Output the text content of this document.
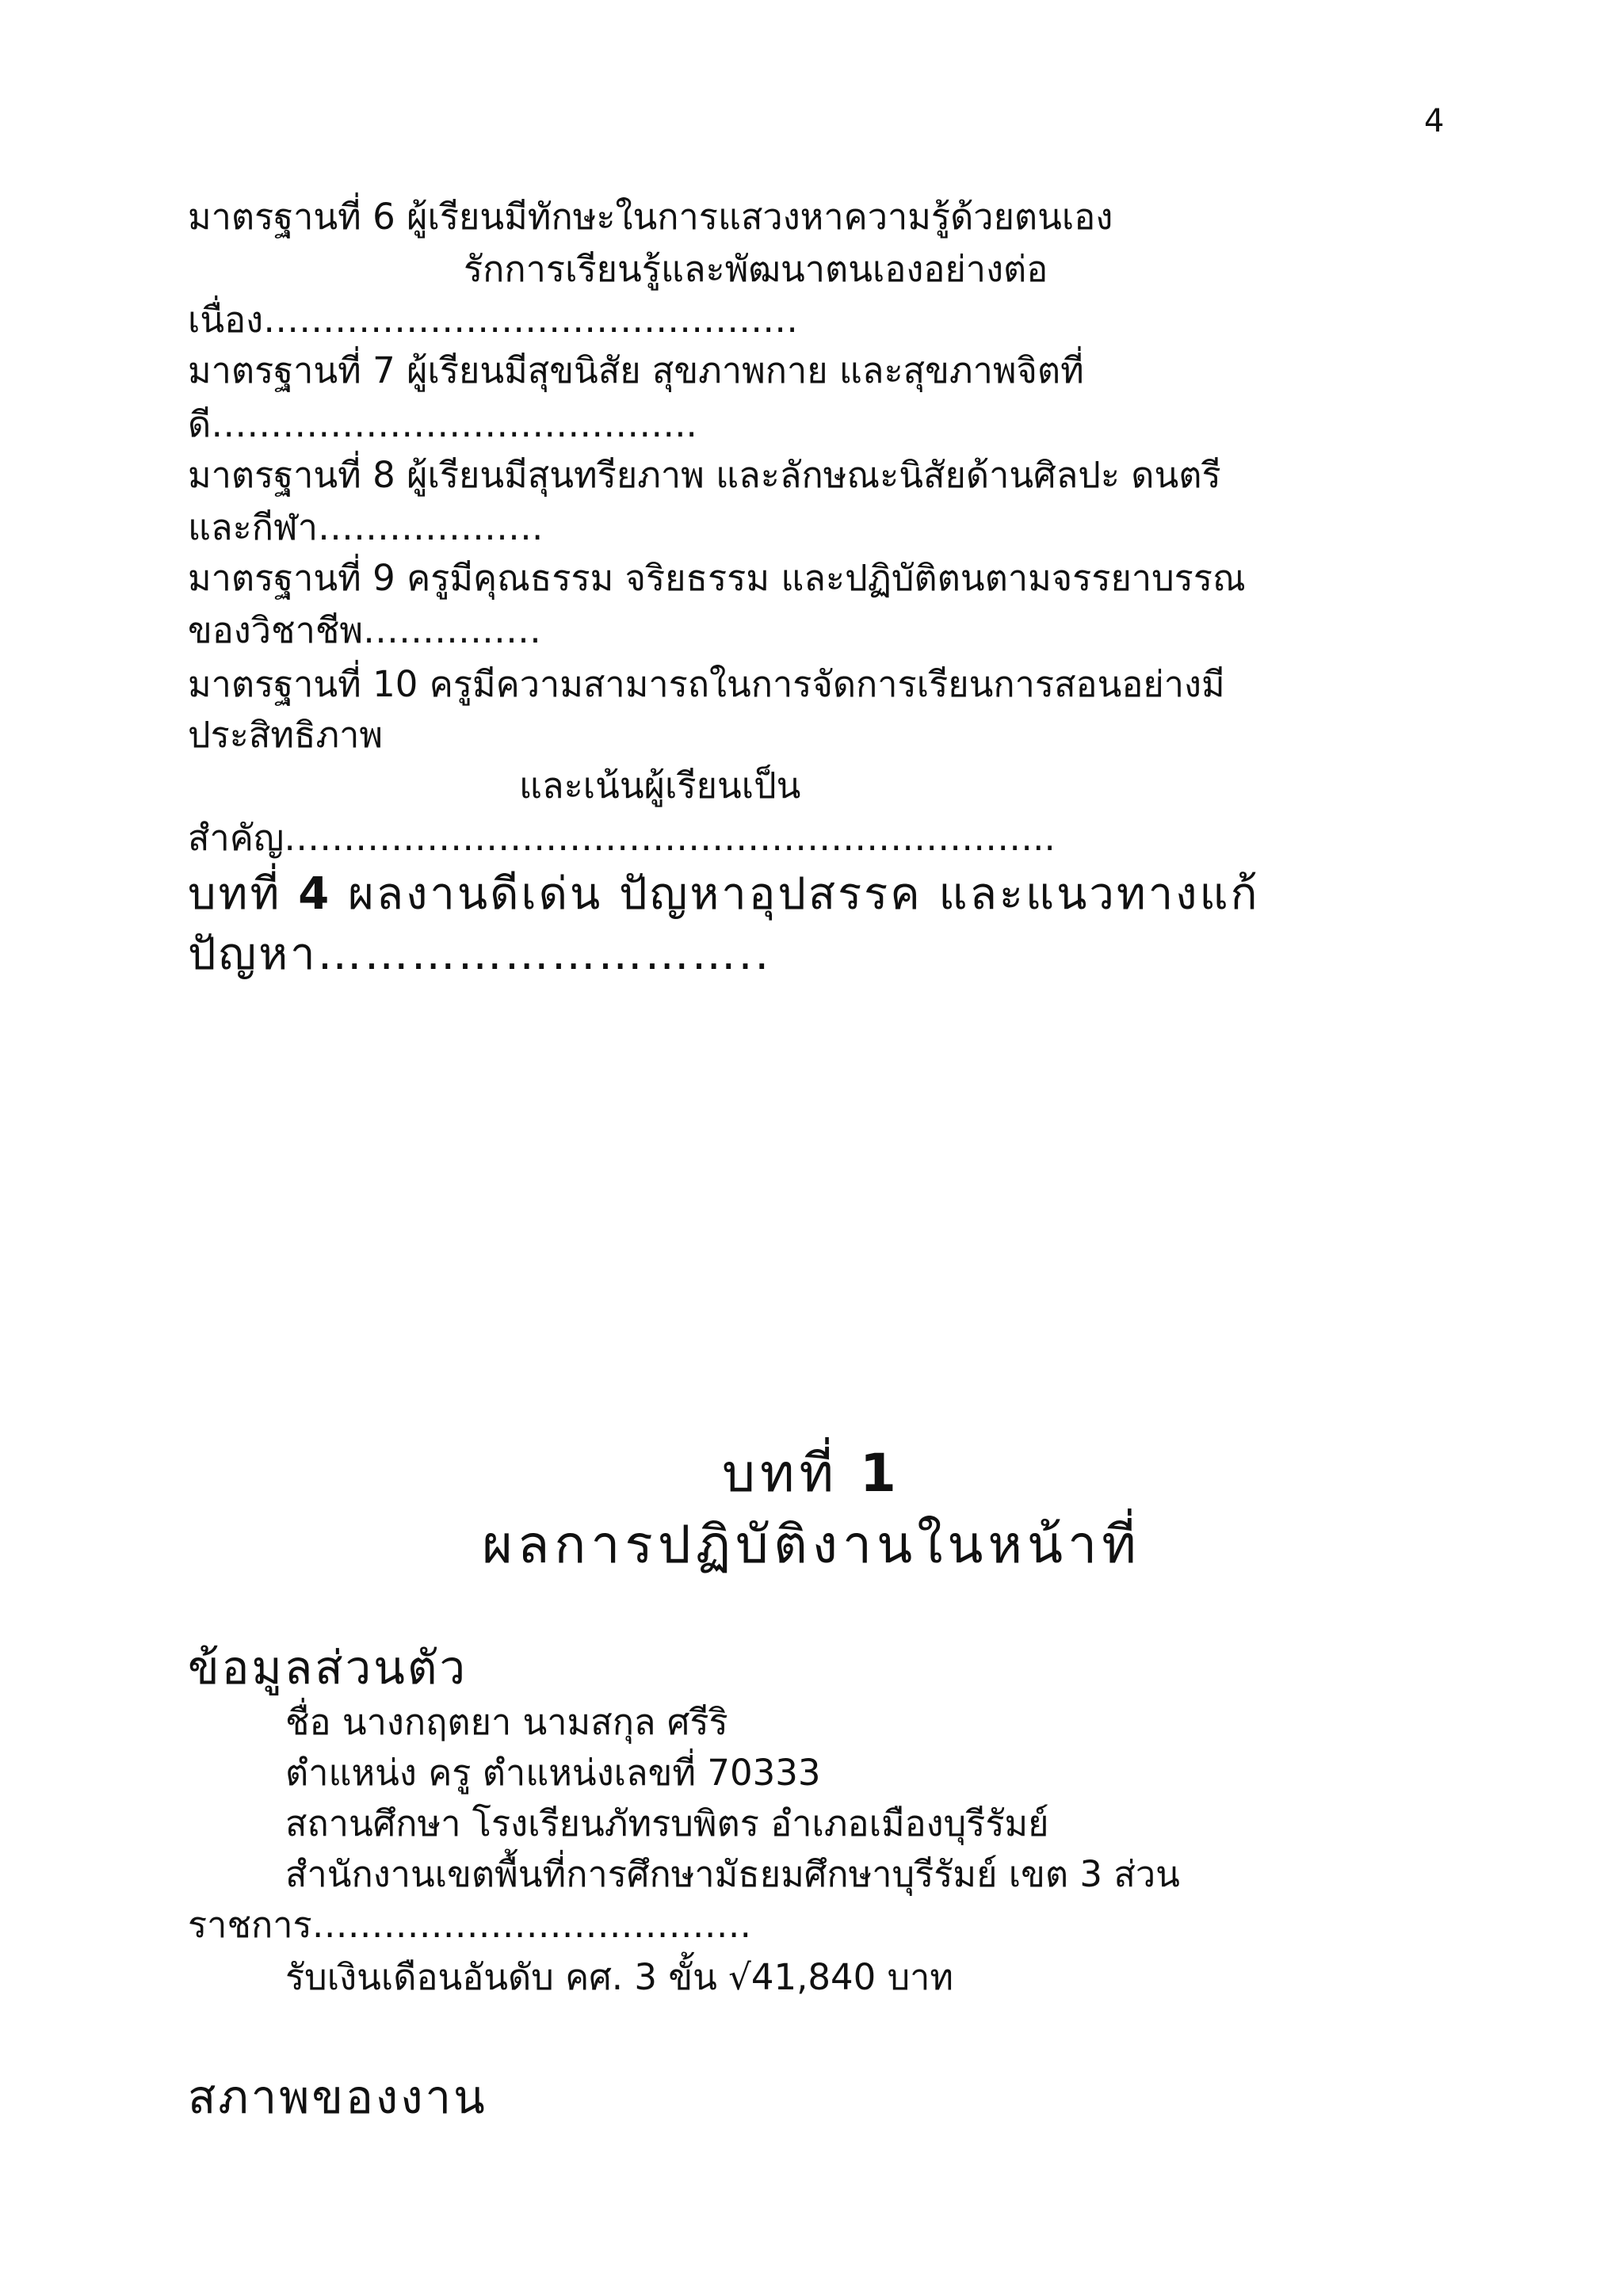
4
มาตรฐานที่ 6 ผู้เรียนมีทักษะในการแสวงหาความรู้ด้วยตนเอง
รักการเรียนรู้และพัฒนาตนเองอย่างต่อ
เนื่อง………………………………………
มาตรฐานที่ 7 ผู้เรียนมีสุขนิสัย สุขภาพกาย และสุขภาพจิตที่
ดี…………………………………..
มาตรฐานที่ 8 ผู้เรียนมีสุนทรียภาพ และลักษณะนิสัยด้านศิลปะ ดนตรี
และกีฬา……………….
มาตรฐานที่ 9 ครูมีคุณธรรม จริยธรรม และปฏิบัติตนตามจรรยาบรรณ
ของวิชาชีพ……………
มาตรฐานที่ 10 ครูมีความสามารถในการจัดการเรียนการสอนอย่างมี
ประสิทธิภาพ
และเน้นผู้เรียนเป็น
สำคัญ………………………………………………………..
บทที่ 4 ผลงานดีเด่น ปัญหาอุปสรรค และแนวทางแก้
ปัญหา………………………..
บทที่ 1
ผลการปฏิบัติงานในหน้าที่
ข้อมูลส่วนตัว
ชื่อ นางกฤตยา นามสกุล ศรีริ
ตำแหน่ง ครู ตำแหน่งเลขที่ 70333
สถานศึกษา โรงเรียนภัทรบพิตร อำเภอเมืองบุรีรัมย์
สำนักงานเขตพื้นที่การศึกษามัธยมศึกษาบุรีรัมย์ เขต 3 ส่วน
ราชการ……………………………….
รับเงินเดือนอันดับ คศ. 3 ขั้น √41,840 บาท
สภาพของงาน
